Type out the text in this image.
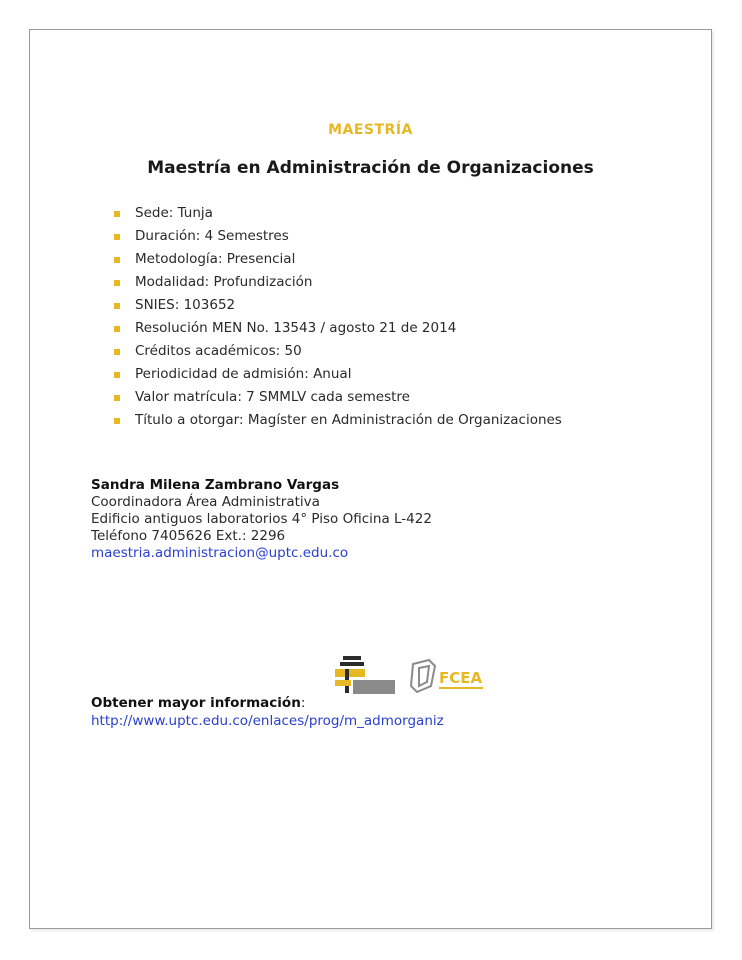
MAESTRÍA
Maestría en Administración de Organizaciones
Sede: Tunja
Duración: 4 Semestres
Metodología: Presencial
Modalidad: Profundización
SNIES: 103652
Resolución MEN No. 13543 / agosto 21 de 2014
Créditos académicos: 50
Periodicidad de admisión: Anual
Valor matrícula: 7 SMMLV cada semestre
Título a otorgar: Magíster en Administración de Organizaciones
Sandra Milena Zambrano Vargas
Coordinadora Área Administrativa
Edificio antiguos laboratorios 4° Piso Oficina L-422
Teléfono 7405626 Ext.: 2296
maestria.administracion@uptc.edu.co
FCEA
Obtener mayor información:
http://www.uptc.edu.co/enlaces/prog/m_admorganiz
